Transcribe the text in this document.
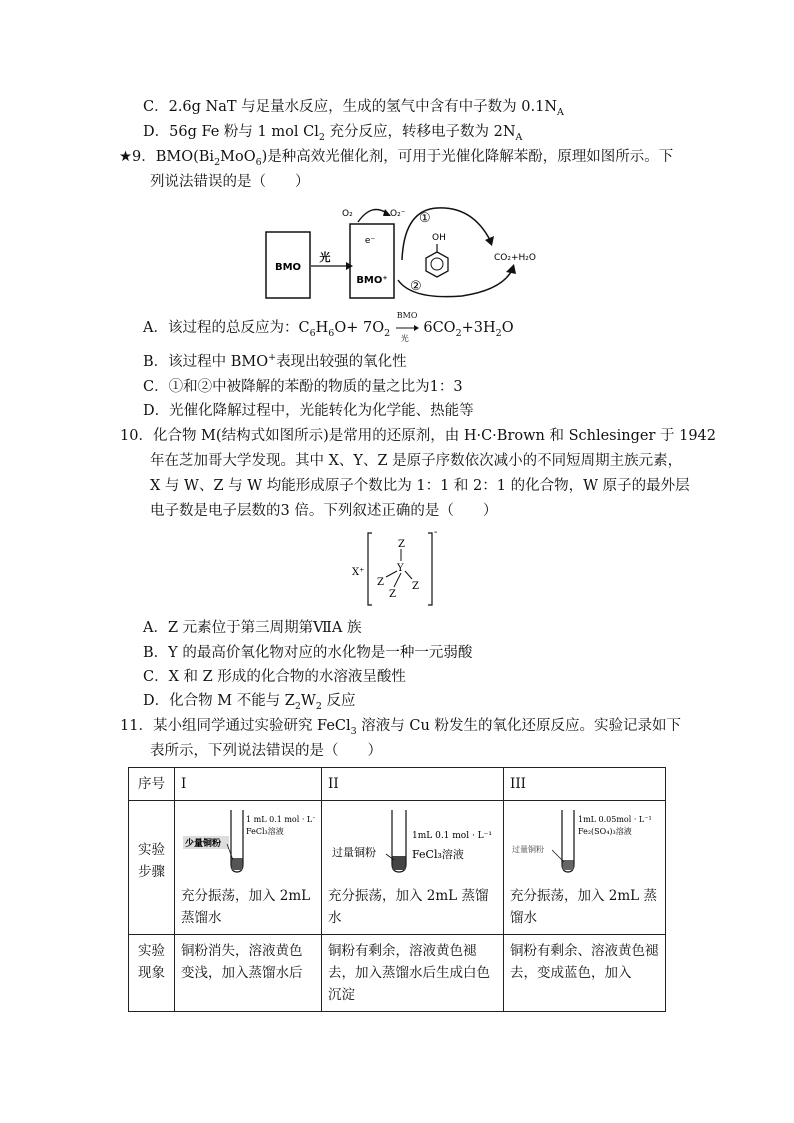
C．2.6g NaT 与足量水反应，生成的氢气中含有中子数为 $0.1N_A$
D．56g Fe 粉与 1 mol $Cl_2$ 充分反应，转移电子数为 $2N_A$
★9．$BMO(Bi_2MoO_6)$是种高效光催化剂，可用于光催化降解苯酚，原理如图所示。下
列说法错误的是（　　）
BMO
光
e⁻
BMO⁺
O₂	O₂⁻
OH
①
②
CO₂+H₂O
A．该过程的总反应为：$C_6H_6O+ 7O_2$
BMO
光
$6CO_2+3H_2O$
B．该过程中 BMO+表现出较强的氧化性
C．①和②中被降解的苯酚的物质的量之比为1：3
D．光催化降解过程中，光能转化为化学能、热能等
10．化合物 M(结构式如图所示)是常用的还原剂，由 H·C·Brown 和 Schlesinger 于 1942
年在芝加哥大学发现。其中 X、Y、Z 是原子序数依次减小的不同短周期主族元素，
X 与 W、Z 与 W 均能形成原子个数比为 1：1 和 2：1 的化合物，W 原子的最外层
电子数是电子层数的3 倍。下列叙述正确的是（　　）
X⁺
-
Z
Y
Z
Z
Z
A．Z 元素位于第三周期第ⅦA 族
B．Y 的最高价氧化物对应的水化物是一种一元弱酸
C．X 和 Z 形成的化合物的水溶液呈酸性
D．化合物 M 不能与 $Z_2W_2$ 反应
11．某小组同学通过实验研究 FeCl$_3$ 溶液与 Cu 粉发生的氧化还原反应。实验记录如下
表所示，下列说法错误的是（　　）
序号	I	II	III
实验
步骤	1 mL 0.1 mol · L⁻¹
FeCl₃溶液
少量铜粉
充分振荡，加入 2mL 蒸馏水	1mL 0.1 mol · L⁻¹
FeCl₃溶液
过量铜粉
充分振荡，加入 2mL 蒸馏水	1mL 0.05mol · L⁻¹
Fe₂(SO₄)₃溶液
过量铜粉
充分振荡，加入 2mL 蒸馏水

实验
现象	铜粉消失，溶液黄色变浅，加入蒸馏水后	铜粉有剩余，溶液黄色褪去，加入蒸馏水后生成白色沉淀	铜粉有剩余、溶液黄色褪去，变成蓝色，加入
